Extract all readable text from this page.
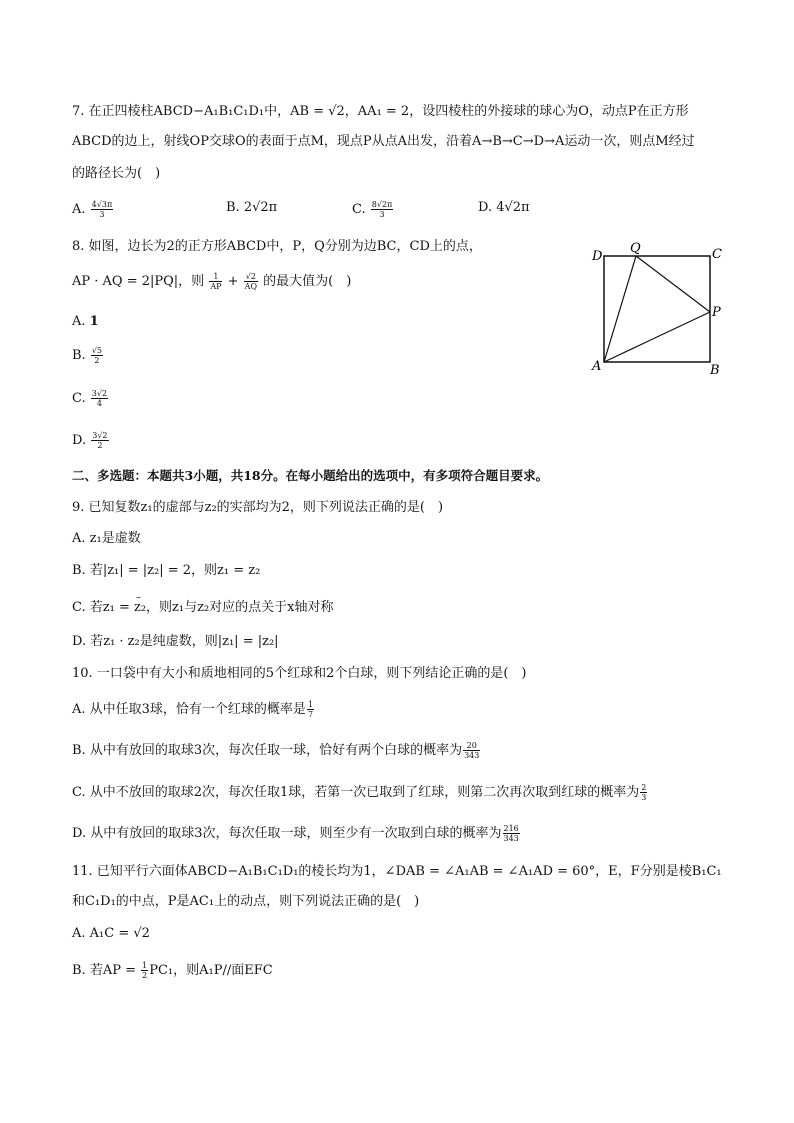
7. 在正四棱柱ABCD−A₁B₁C₁D₁中，AB = √2，AA₁ = 2，设四棱柱的外接球的球心为O，动点P在正方形
ABCD的边上，射线OP交球O的表面于点M，现点P从点A出发，沿着A→B→C→D→A运动一次，则点M经过
的路径长为(　)
A. $\frac{4√3\pi}{3}$	B. 2√2π	C. $\frac{8√2\pi}{3}$	D. 4√2π
8. 如图，边长为2的正方形ABCD中，P，Q分别为边BC，CD上的点，
AP · AQ = 2|PQ|，则 $\frac{1}{AP} + \frac{√2}{AQ}$ 的最大值为(　)
A. 1
B. $\frac{√5}{2}$
C. $\frac{3√2}{4}$
D. $\frac{3√2}{2}$
D
Q	C
P
A	B
二、多选题：本题共3小题，共18分。在每小题给出的选项中，有多项符合题目要求。
9. 已知复数z₁的虚部与z₂的实部均为2，则下列说法正确的是(　)
A. z₁是虚数
B. 若|z₁| = |z₂| = 2，则z₁ = z₂
C. 若z₁ = – z₂，则z₁与z₂对应的点关于x轴对称
D. 若z₁ · z₂是纯虚数，则|z₁| = |z₂|
10. 一口袋中有大小和质地相同的5个红球和2个白球，则下列结论正确的是(　)
A. 从中任取3球，恰有一个红球的概率是 $\frac{1}{7}$
B. 从中有放回的取球3次，每次任取一球，恰好有两个白球的概率为 $\frac{20}{343}$
C. 从中不放回的取球2次，每次任取1球，若第一次已取到了红球，则第二次再次取到红球的概率为 $\frac{2}{3}$
D. 从中有放回的取球3次，每次任取一球，则至少有一次取到白球的概率为 $\frac{216}{343}$
11. 已知平行六面体ABCD−A₁B₁C₁D₁的棱长均为1，∠DAB = ∠A₁AB = ∠A₁AD = 60°，E，F分别是棱B₁C₁
和C₁D₁的中点，P是AC₁上的动点，则下列说法正确的是(　)
A. A₁C = √2
B. 若AP = $\frac{1}{2} PC_1$，则A₁P//面EFC
